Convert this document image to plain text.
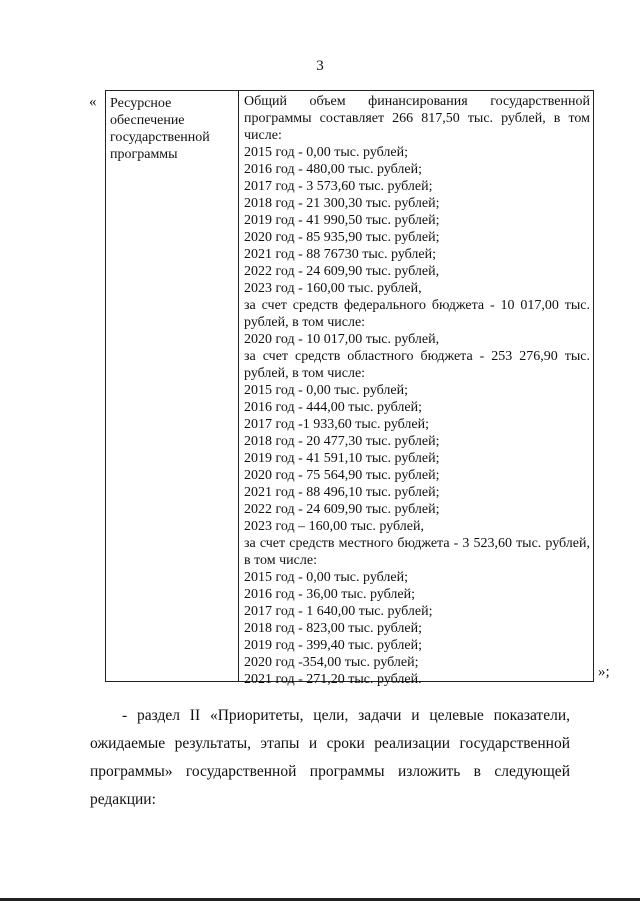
3
« Ресурсное обеспечение государственной программы
Общий объем финансирования государственной программы составляет 266 817,50 тыс. рублей, в том числе:
2015 год - 0,00 тыс. рублей;
2016 год - 480,00 тыс. рублей;
2017 год - 3 573,60 тыс. рублей;
2018 год - 21 300,30 тыс. рублей;
2019 год - 41 990,50 тыс. рублей;
2020 год - 85 935,90 тыс. рублей;
2021 год - 88 76730 тыс. рублей;
2022 год - 24 609,90 тыс. рублей,
2023 год - 160,00 тыс. рублей,
за счет средств федерального бюджета - 10 017,00 тыс. рублей, в том числе:
2020 год - 10 017,00 тыс. рублей,
за счет средств областного бюджета - 253 276,90 тыс. рублей, в том числе:
2015 год - 0,00 тыс. рублей;
2016 год - 444,00 тыс. рублей;
2017 год -1 933,60 тыс. рублей;
2018 год - 20 477,30 тыс. рублей;
2019 год - 41 591,10 тыс. рублей;
2020 год - 75 564,90 тыс. рублей;
2021 год - 88 496,10 тыс. рублей;
2022 год - 24 609,90 тыс. рублей;
2023 год – 160,00 тыс. рублей,
за счет средств местного бюджета - 3 523,60 тыс. рублей, в том числе:
2015 год - 0,00 тыс. рублей;
2016 год - 36,00 тыс. рублей;
2017 год - 1 640,00 тыс. рублей;
2018 год - 823,00 тыс. рублей;
2019 год - 399,40 тыс. рублей;
2020 год -354,00 тыс. рублей;
2021 год - 271,20 тыс. рублей.	»;
- раздел II «Приоритеты, цели, задачи и целевые показатели, ожидаемые результаты, этапы и сроки реализации государственной программы» государственной программы изложить в следующей редакции:
